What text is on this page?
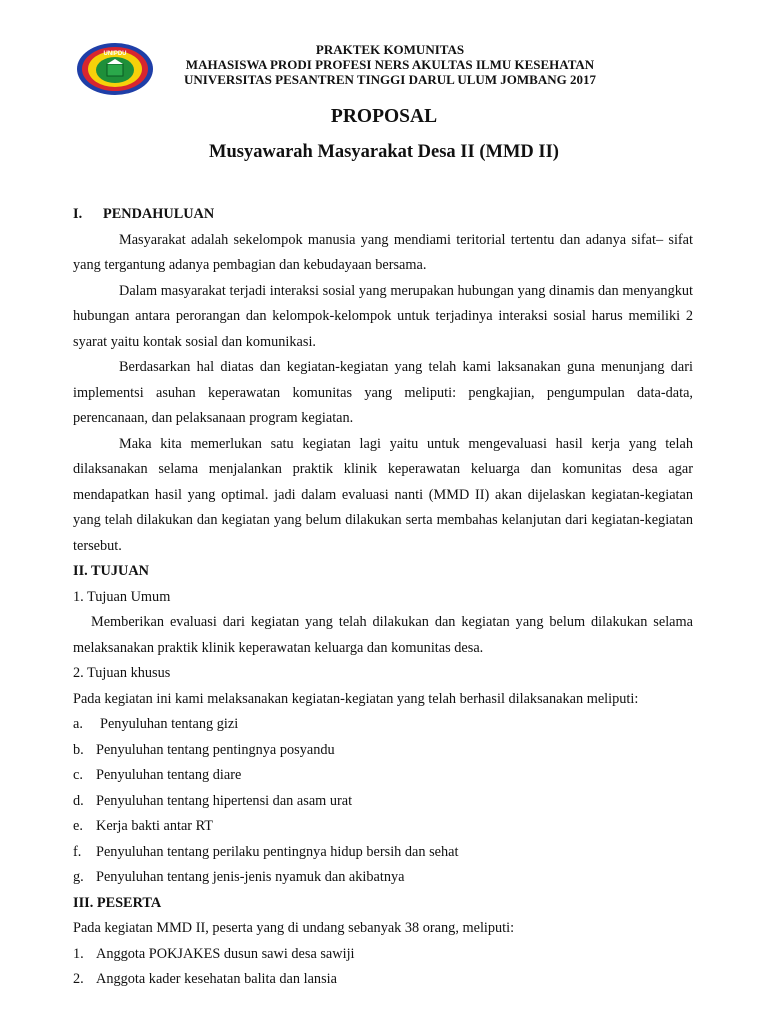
UNIPDU	PRAKTEK KOMUNITAS
MAHASISWA PRODI PROFESI NERS AKULTAS ILMU KESEHATAN
UNIVERSITAS PESANTREN TINGGI DARUL ULUM JOMBANG 2017
PROPOSAL
Musyawarah Masyarakat Desa II (MMD II)

I. PENDAHULUAN

Masyarakat adalah sekelompok manusia yang mendiami teritorial tertentu dan adanya sifat– sifat yang tergantung adanya pembagian dan kebudayaan bersama.

Dalam masyarakat terjadi interaksi sosial yang merupakan hubungan yang dinamis dan menyangkut hubungan antara perorangan dan kelompok-kelompok untuk terjadinya interaksi sosial harus memiliki 2 syarat yaitu kontak sosial dan komunikasi.

Berdasarkan hal diatas dan kegiatan-kegiatan yang telah kami laksanakan guna menunjang dari implementsi asuhan keperawatan komunitas yang meliputi: pengkajian, pengumpulan data-data, perencanaan, dan pelaksanaan program kegiatan.

Maka kita memerlukan satu kegiatan lagi yaitu untuk mengevaluasi hasil kerja yang telah dilaksanakan selama menjalankan praktik klinik keperawatan keluarga dan komunitas desa agar mendapatkan hasil yang optimal. jadi dalam evaluasi nanti (MMD II) akan dijelaskan kegiatan-kegiatan yang telah dilakukan dan kegiatan yang belum dilakukan serta membahas kelanjutan dari kegiatan-kegiatan tersebut.

II. TUJUAN

1. Tujuan Umum

Memberikan evaluasi dari kegiatan yang telah dilakukan dan kegiatan yang belum dilakukan selama melaksanakan praktik klinik keperawatan keluarga dan komunitas desa.

2. Tujuan khusus

Pada kegiatan ini kami melaksanakan kegiatan-kegiatan yang telah berhasil dilaksanakan meliputi:

a.	Penyuluhan tentang gizi
b. Penyuluhan tentang pentingnya posyandu
c. Penyuluhan tentang diare
d. Penyuluhan tentang hipertensi dan asam urat
e. Kerja bakti antar RT
f.	Penyuluhan tentang perilaku pentingnya hidup bersih dan sehat
g. Penyuluhan tentang jenis-jenis nyamuk dan akibatnya

III. PESERTA

Pada kegiatan MMD II, peserta yang di undang sebanyak 38 orang, meliputi:

1. Anggota POKJAKES dusun sawi desa sawiji
2. Anggota kader kesehatan balita dan lansia
